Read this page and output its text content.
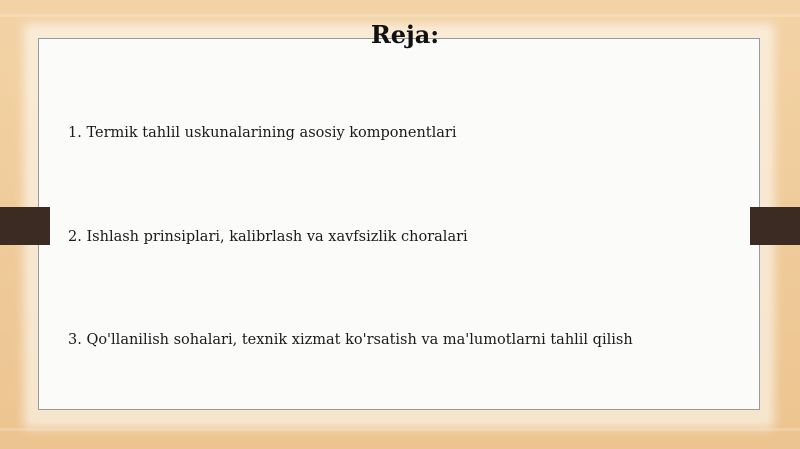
Reja:
1. Termik tahlil uskunalarining asosiy komponentlari
2. Ishlash prinsiplari, kalibrlash va xavfsizlik choralari
3. Qo'llanilish sohalari, texnik xizmat ko'rsatish va ma'lumotlarni tahlil qilish
